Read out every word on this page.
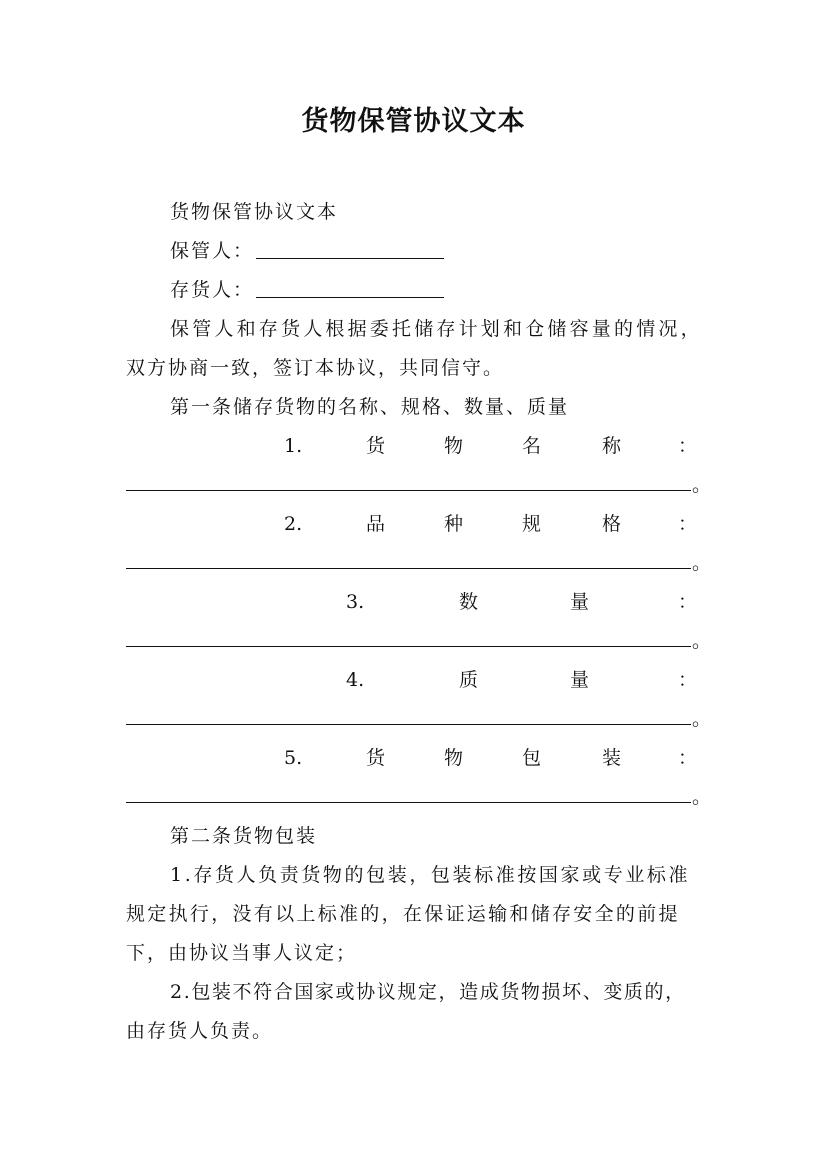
货物保管协议文本
货物保管协议文本
保管人：
存货人：
保管人和存货人根据委托储存计划和仓储容量的情况，
双方协商一致，签订本协议，共同信守。
第一条储存货物的名称、规格、数量、质量
1.	货	物	名	称	：
。
2.	品	种	规	格	：
。
3.	数	量	：
。
4.	质	量	：
。
5.	货	物	包	装	：
。
第二条货物包装
1.存货人负责货物的包装，包装标准按国家或专业标准
规定执行，没有以上标准的，在保证运输和储存安全的前提
下，由协议当事人议定；
2.包装不符合国家或协议规定，造成货物损坏、变质的，
由存货人负责。
